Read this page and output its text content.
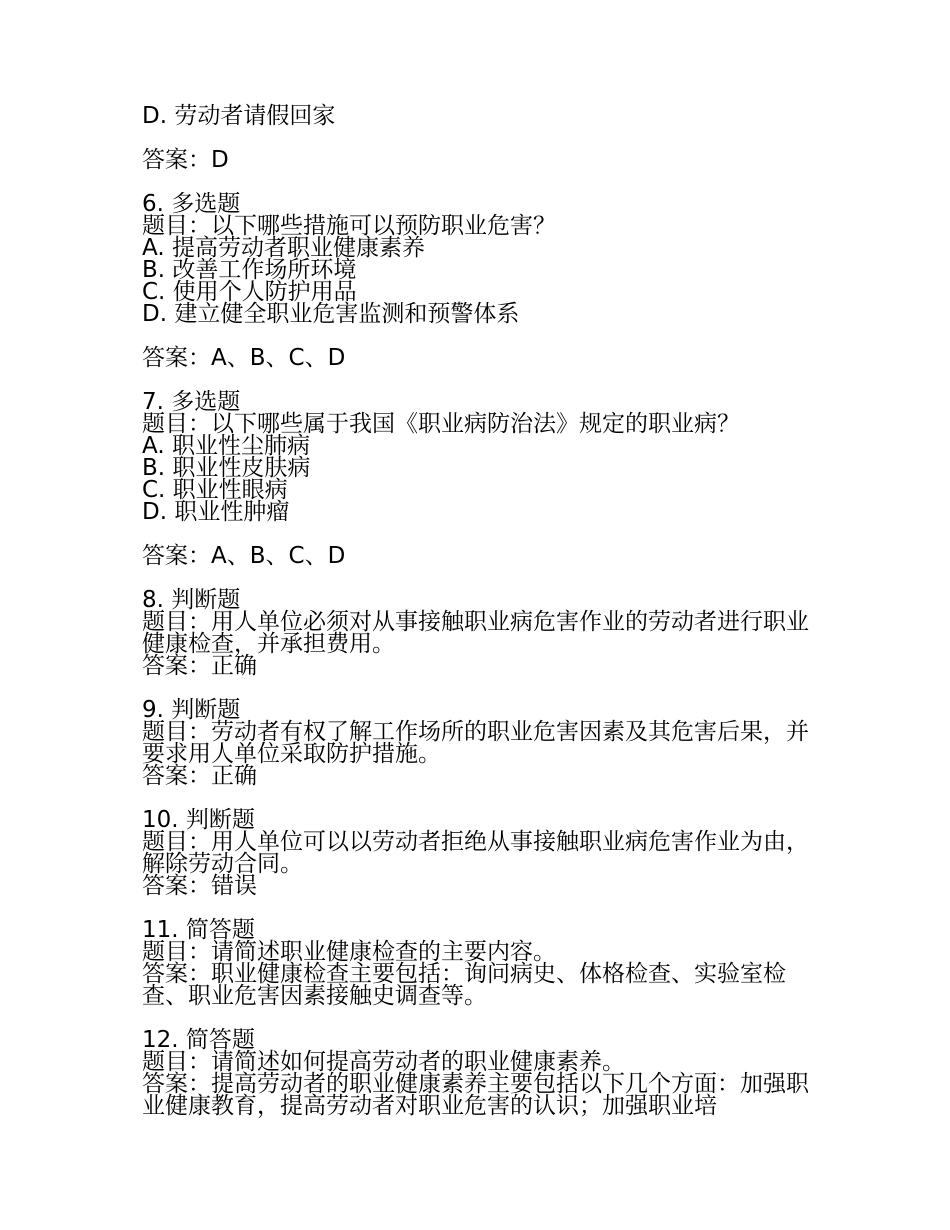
D. 劳动者请假回家
答案：D
6. 多选题
题目：以下哪些措施可以预防职业危害？
A. 提高劳动者职业健康素养
B. 改善工作场所环境
C. 使用个人防护用品
D. 建立健全职业危害监测和预警体系
答案：A、B、C、D
7. 多选题
题目：以下哪些属于我国《职业病防治法》规定的职业病？
A. 职业性尘肺病
B. 职业性皮肤病
C. 职业性眼病
D. 职业性肿瘤
答案：A、B、C、D
8. 判断题
题目：用人单位必须对从事接触职业病危害作业的劳动者进行职业健康检查，并承担费用。
答案：正确
9. 判断题
题目：劳动者有权了解工作场所的职业危害因素及其危害后果，并要求用人单位采取防护措施。
答案：正确
10. 判断题
题目：用人单位可以以劳动者拒绝从事接触职业病危害作业为由，解除劳动合同。
答案：错误
11. 简答题
题目：请简述职业健康检查的主要内容。
答案：职业健康检查主要包括：询问病史、体格检查、实验室检查、职业危害因素接触史调查等。
12. 简答题
题目：请简述如何提高劳动者的职业健康素养。
答案：提高劳动者的职业健康素养主要包括以下几个方面：加强职业健康教育，提高劳动者对职业危害的认识；加强职业培
